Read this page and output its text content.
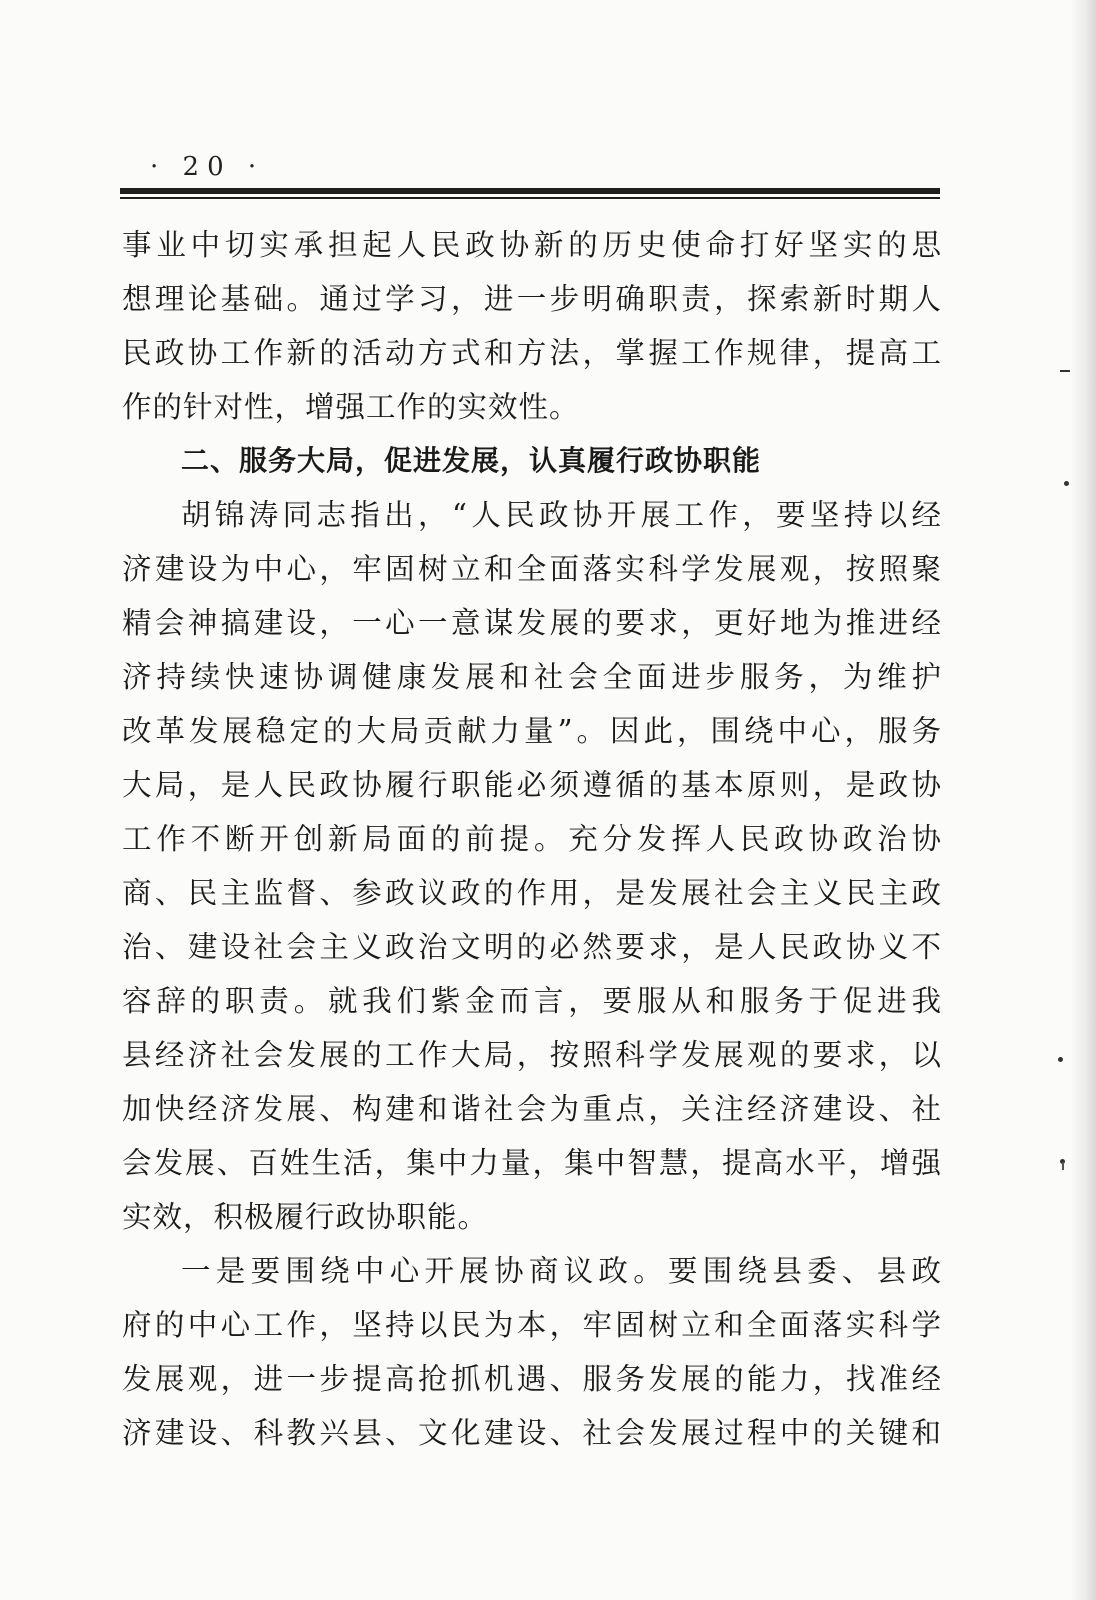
· 20 ·
事业中切实承担起人民政协新的历史使命打好坚实的思
想理论基础。通过学习，进一步明确职责，探索新时期人
民政协工作新的活动方式和方法，掌握工作规律，提高工
作的针对性，增强工作的实效性。
二、服务大局，促进发展，认真履行政协职能
胡锦涛同志指出，“人民政协开展工作，要坚持以经
济建设为中心，牢固树立和全面落实科学发展观，按照聚
精会神搞建设，一心一意谋发展的要求，更好地为推进经
济持续快速协调健康发展和社会全面进步服务，为维护
改革发展稳定的大局贡献力量”。因此，围绕中心，服务
大局，是人民政协履行职能必须遵循的基本原则，是政协
工作不断开创新局面的前提。充分发挥人民政协政治协
商、民主监督、参政议政的作用，是发展社会主义民主政
治、建设社会主义政治文明的必然要求，是人民政协义不
容辞的职责。就我们紫金而言，要服从和服务于促进我
县经济社会发展的工作大局，按照科学发展观的要求，以
加快经济发展、构建和谐社会为重点，关注经济建设、社
会发展、百姓生活，集中力量，集中智慧，提高水平，增强
实效，积极履行政协职能。
一是要围绕中心开展协商议政。要围绕县委、县政
府的中心工作，坚持以民为本，牢固树立和全面落实科学
发展观，进一步提高抢抓机遇、服务发展的能力，找准经
济建设、科教兴县、文化建设、社会发展过程中的关键和
